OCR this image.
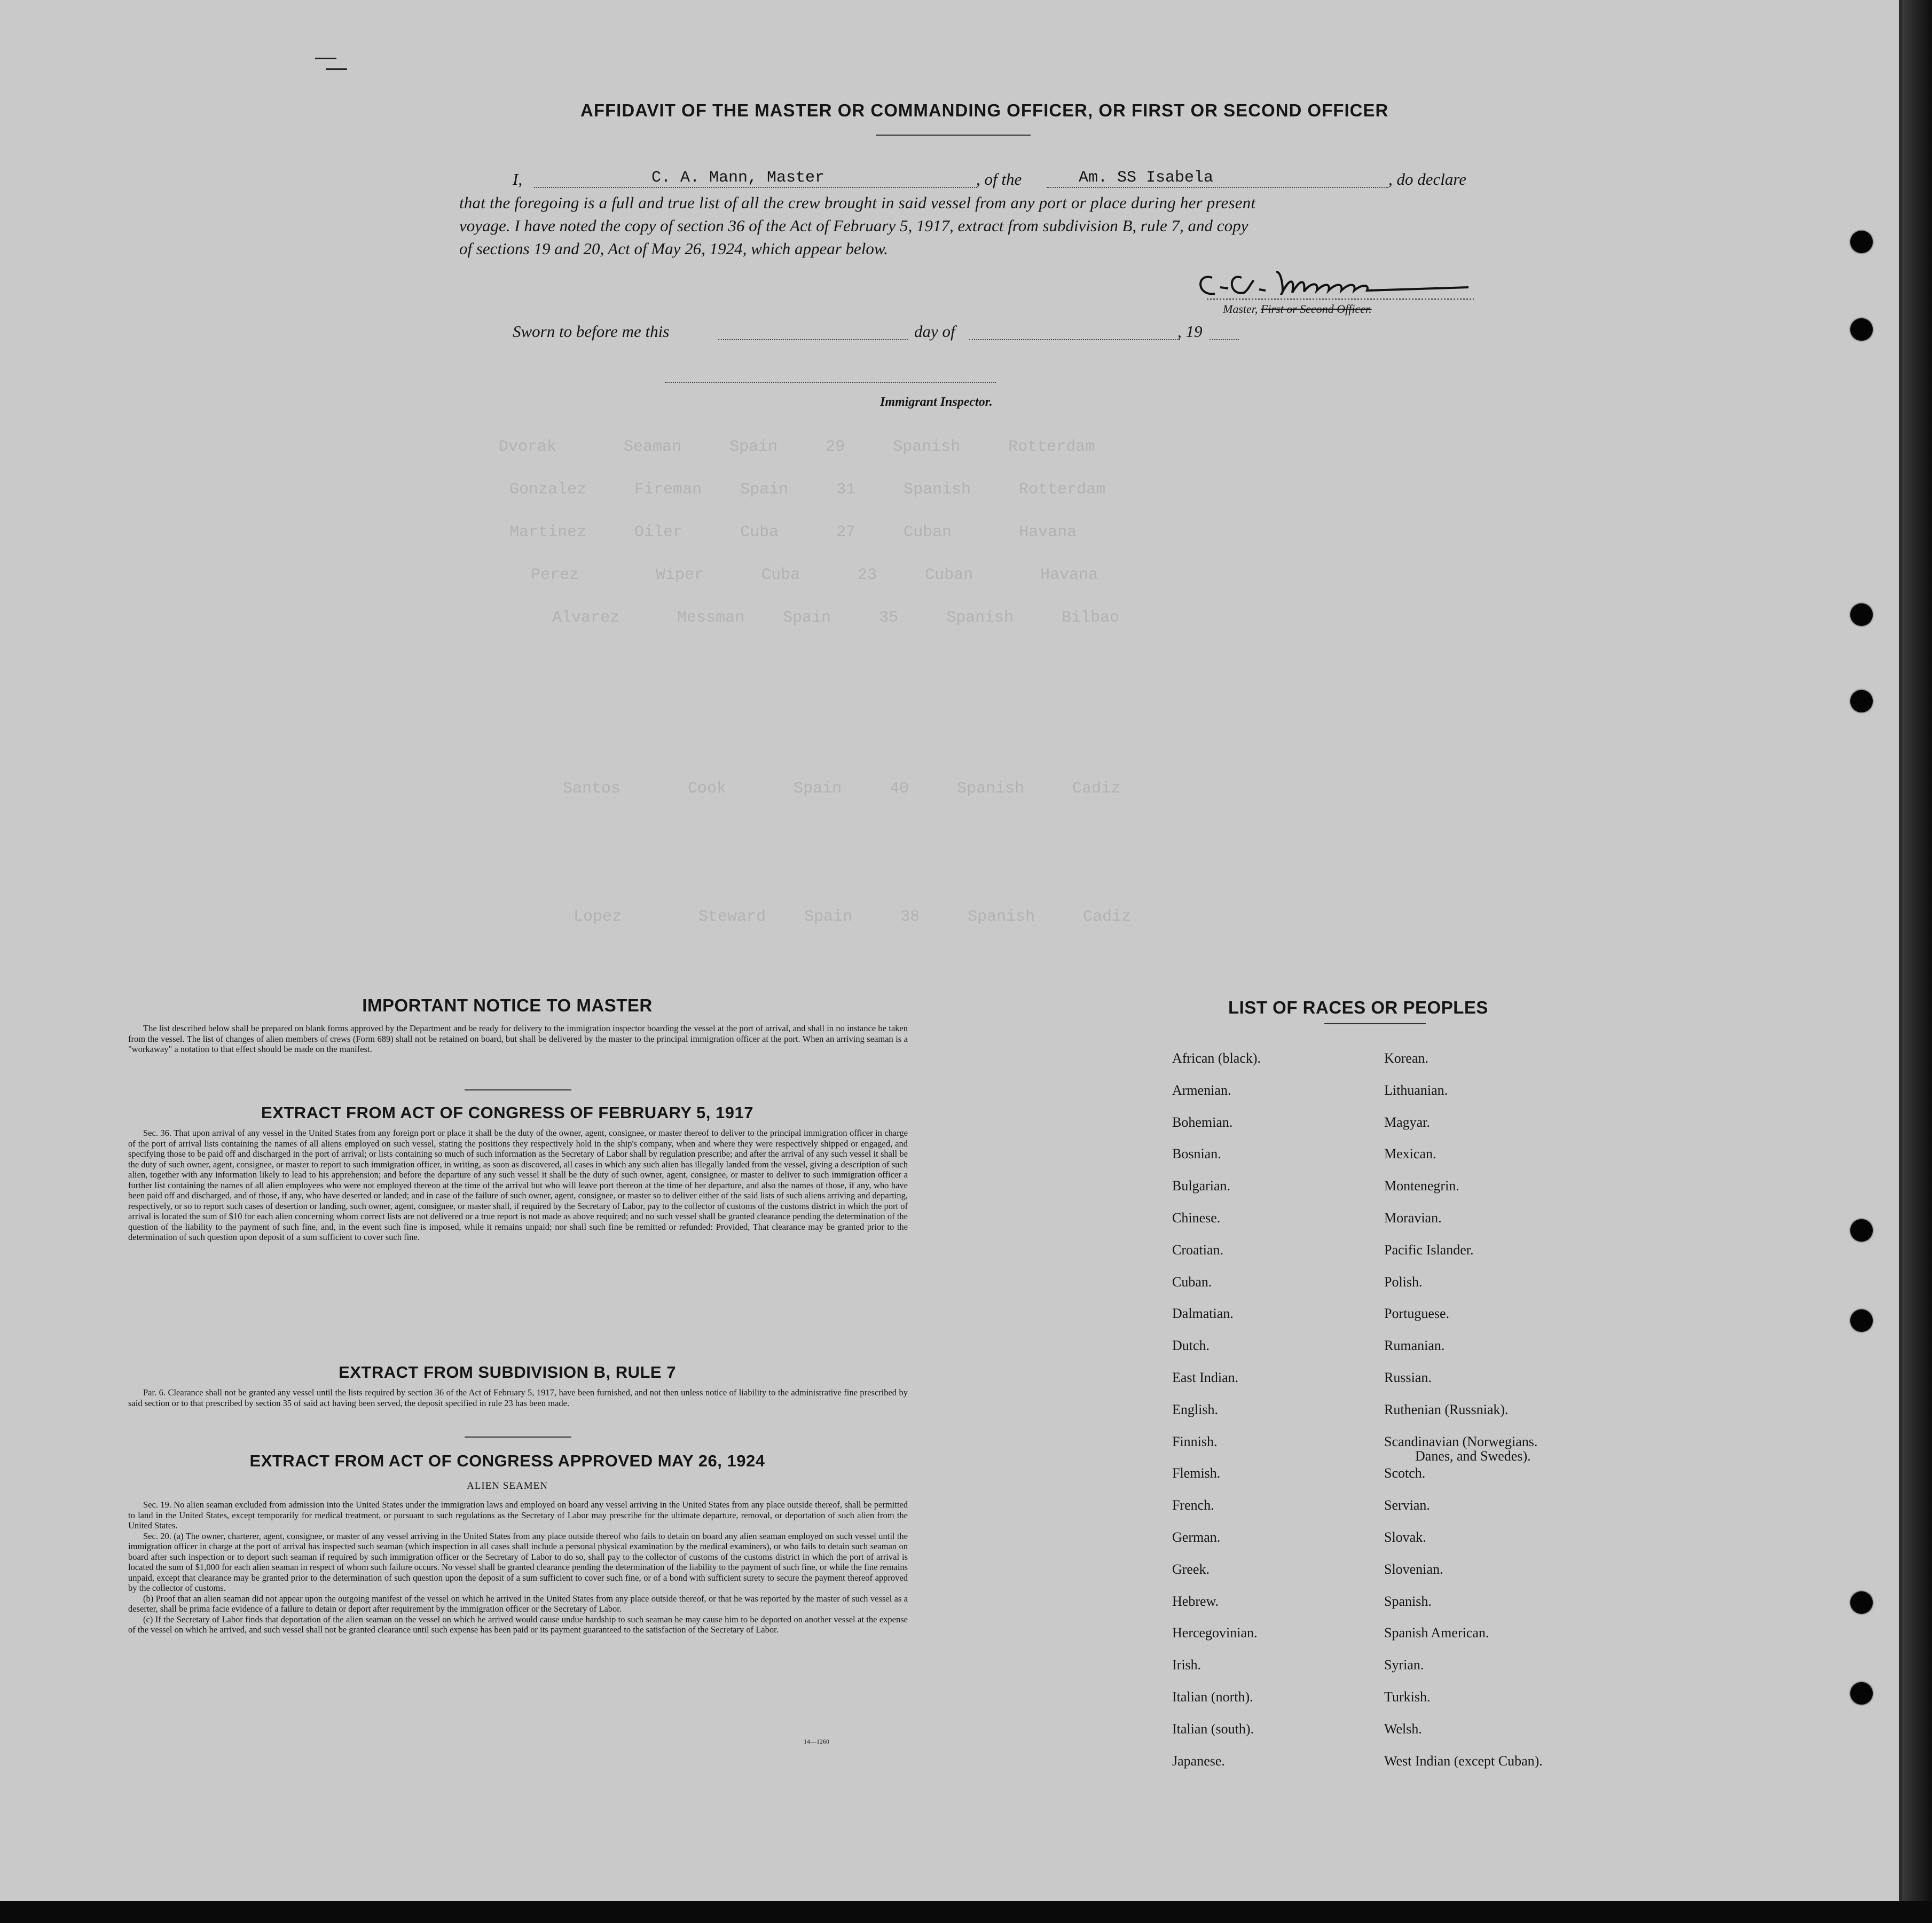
Dvorak       Seaman     Spain     29     Spanish     Rotterdam
Gonzalez     Fireman    Spain     31     Spanish     Rotterdam
Martinez     Oiler      Cuba      27     Cuban       Havana
Perez        Wiper      Cuba      23     Cuban       Havana
Alvarez      Messman    Spain     35     Spanish     Bilbao
Santos       Cook       Spain     40     Spanish     Cadiz
Lopez        Steward    Spain     38     Spanish     Cadiz
AFFIDAVIT OF THE MASTER OR COMMANDING OFFICER, OR FIRST OR SECOND OFFICER
I,	C. A. Mann, Master	, of the	Am. SS Isabela	, do declare
that the foregoing is a full and true list of all the crew brought in said vessel from any port or place during her present
voyage. I have noted the copy of section 36 of the Act of February 5, 1917, extract from subdivision B, rule 7, and copy
of sections 19 and 20, Act of May 26, 1924, which appear below.
Master, First or Second Officer.
Sworn to before me this	day of	, 19
Immigrant Inspector.
IMPORTANT NOTICE TO MASTER

The list described below shall be prepared on blank forms approved by the Department and be ready for delivery to the immigration inspector boarding the vessel at the port of arrival, and shall in no instance be taken from the vessel. The list of changes of alien members of crews (Form 689) shall not be retained on board, but shall be delivered by the master to the principal immigration officer at the port. When an arriving seaman is a "workaway" a notation to that effect should be made on the manifest.

EXTRACT FROM ACT OF CONGRESS OF FEBRUARY 5, 1917

Sec. 36. That upon arrival of any vessel in the United States from any foreign port or place it shall be the duty of the owner, agent, consignee, or master thereof to deliver to the principal immigration officer in charge of the port of arrival lists containing the names of all aliens employed on such vessel, stating the positions they respectively hold in the ship's company, when and where they were respectively shipped or engaged, and specifying those to be paid off and discharged in the port of arrival; or lists containing so much of such information as the Secretary of Labor shall by regulation prescribe; and after the arrival of any such vessel it shall be the duty of such owner, agent, consignee, or master to report to such immigration officer, in writing, as soon as discovered, all cases in which any such alien has illegally landed from the vessel, giving a description of such alien, together with any information likely to lead to his apprehension; and before the departure of any such vessel it shall be the duty of such owner, agent, consignee, or master to deliver to such immigration officer a further list containing the names of all alien employees who were not employed thereon at the time of the arrival but who will leave port thereon at the time of her departure, and also the names of those, if any, who have been paid off and discharged, and of those, if any, who have deserted or landed; and in case of the failure of such owner, agent, consignee, or master so to deliver either of the said lists of such aliens arriving and departing, respectively, or so to report such cases of desertion or landing, such owner, agent, consignee, or master shall, if required by the Secretary of Labor, pay to the collector of customs of the customs district in which the port of arrival is located the sum of $10 for each alien concerning whom correct lists are not delivered or a true report is not made as above required; and no such vessel shall be granted clearance pending the determination of the question of the liability to the payment of such fine, and, in the event such fine is imposed, while it remains unpaid; nor shall such fine be remitted or refunded: Provided, That clearance may be granted prior to the determination of such question upon deposit of a sum sufficient to cover such fine.

EXTRACT FROM SUBDIVISION B, RULE 7

Par. 6. Clearance shall not be granted any vessel until the lists required by section 36 of the Act of February 5, 1917, have been furnished, and not then unless notice of liability to the administrative fine prescribed by said section or to that prescribed by section 35 of said act having been served, the deposit specified in rule 23 has been made.

EXTRACT FROM ACT OF CONGRESS APPROVED MAY 26, 1924
ALIEN SEAMEN

Sec. 19. No alien seaman excluded from admission into the United States under the immigration laws and employed on board any vessel arriving in the United States from any place outside thereof, shall be permitted to land in the United States, except temporarily for medical treatment, or pursuant to such regulations as the Secretary of Labor may prescribe for the ultimate departure, removal, or deportation of such alien from the United States.

Sec. 20. (a) The owner, charterer, agent, consignee, or master of any vessel arriving in the United States from any place outside thereof who fails to detain on board any alien seaman employed on such vessel until the immigration officer in charge at the port of arrival has inspected such seaman (which inspection in all cases shall include a personal physical examination by the medical examiners), or who fails to detain such seaman on board after such inspection or to deport such seaman if required by such immigration officer or the Secretary of Labor to do so, shall pay to the collector of customs of the customs district in which the port of arrival is located the sum of $1,000 for each alien seaman in respect of whom such failure occurs. No vessel shall be granted clearance pending the determination of the liability to the payment of such fine, or while the fine remains unpaid, except that clearance may be granted prior to the determination of such question upon the deposit of a sum sufficient to cover such fine, or of a bond with sufficient surety to secure the payment thereof approved by the collector of customs.

(b) Proof that an alien seaman did not appear upon the outgoing manifest of the vessel on which he arrived in the United States from any place outside thereof, or that he was reported by the master of such vessel as a deserter, shall be prima facie evidence of a failure to detain or deport after requirement by the immigration officer or the Secretary of Labor.

(c) If the Secretary of Labor finds that deportation of the alien seaman on the vessel on which he arrived would cause undue hardship to such seaman he may cause him to be deported on another vessel at the expense of the vessel on which he arrived, and such vessel shall not be granted clearance until such expense has been paid or its payment guaranteed to the satisfaction of the Secretary of Labor.

14—1260
LIST OF RACES OR PEOPLES
African (black).
Armenian.
Bohemian.
Bosnian.
Bulgarian.
Chinese.
Croatian.
Cuban.
Dalmatian.
Dutch.
East Indian.
English.
Finnish.
Flemish.
French.
German.
Greek.
Hebrew.
Hercegovinian.
Irish.
Italian (north).
Italian (south).
Japanese.
Korean.
Lithuanian.
Magyar.
Mexican.
Montenegrin.
Moravian.
Pacific Islander.
Polish.
Portuguese.
Rumanian.
Russian.
Ruthenian (Russniak).
Scandinavian (Norwegians.
Danes, and Swedes).
Scotch.
Servian.
Slovak.
Slovenian.
Spanish.
Spanish American.
Syrian.
Turkish.
Welsh.
West Indian (except Cuban).
